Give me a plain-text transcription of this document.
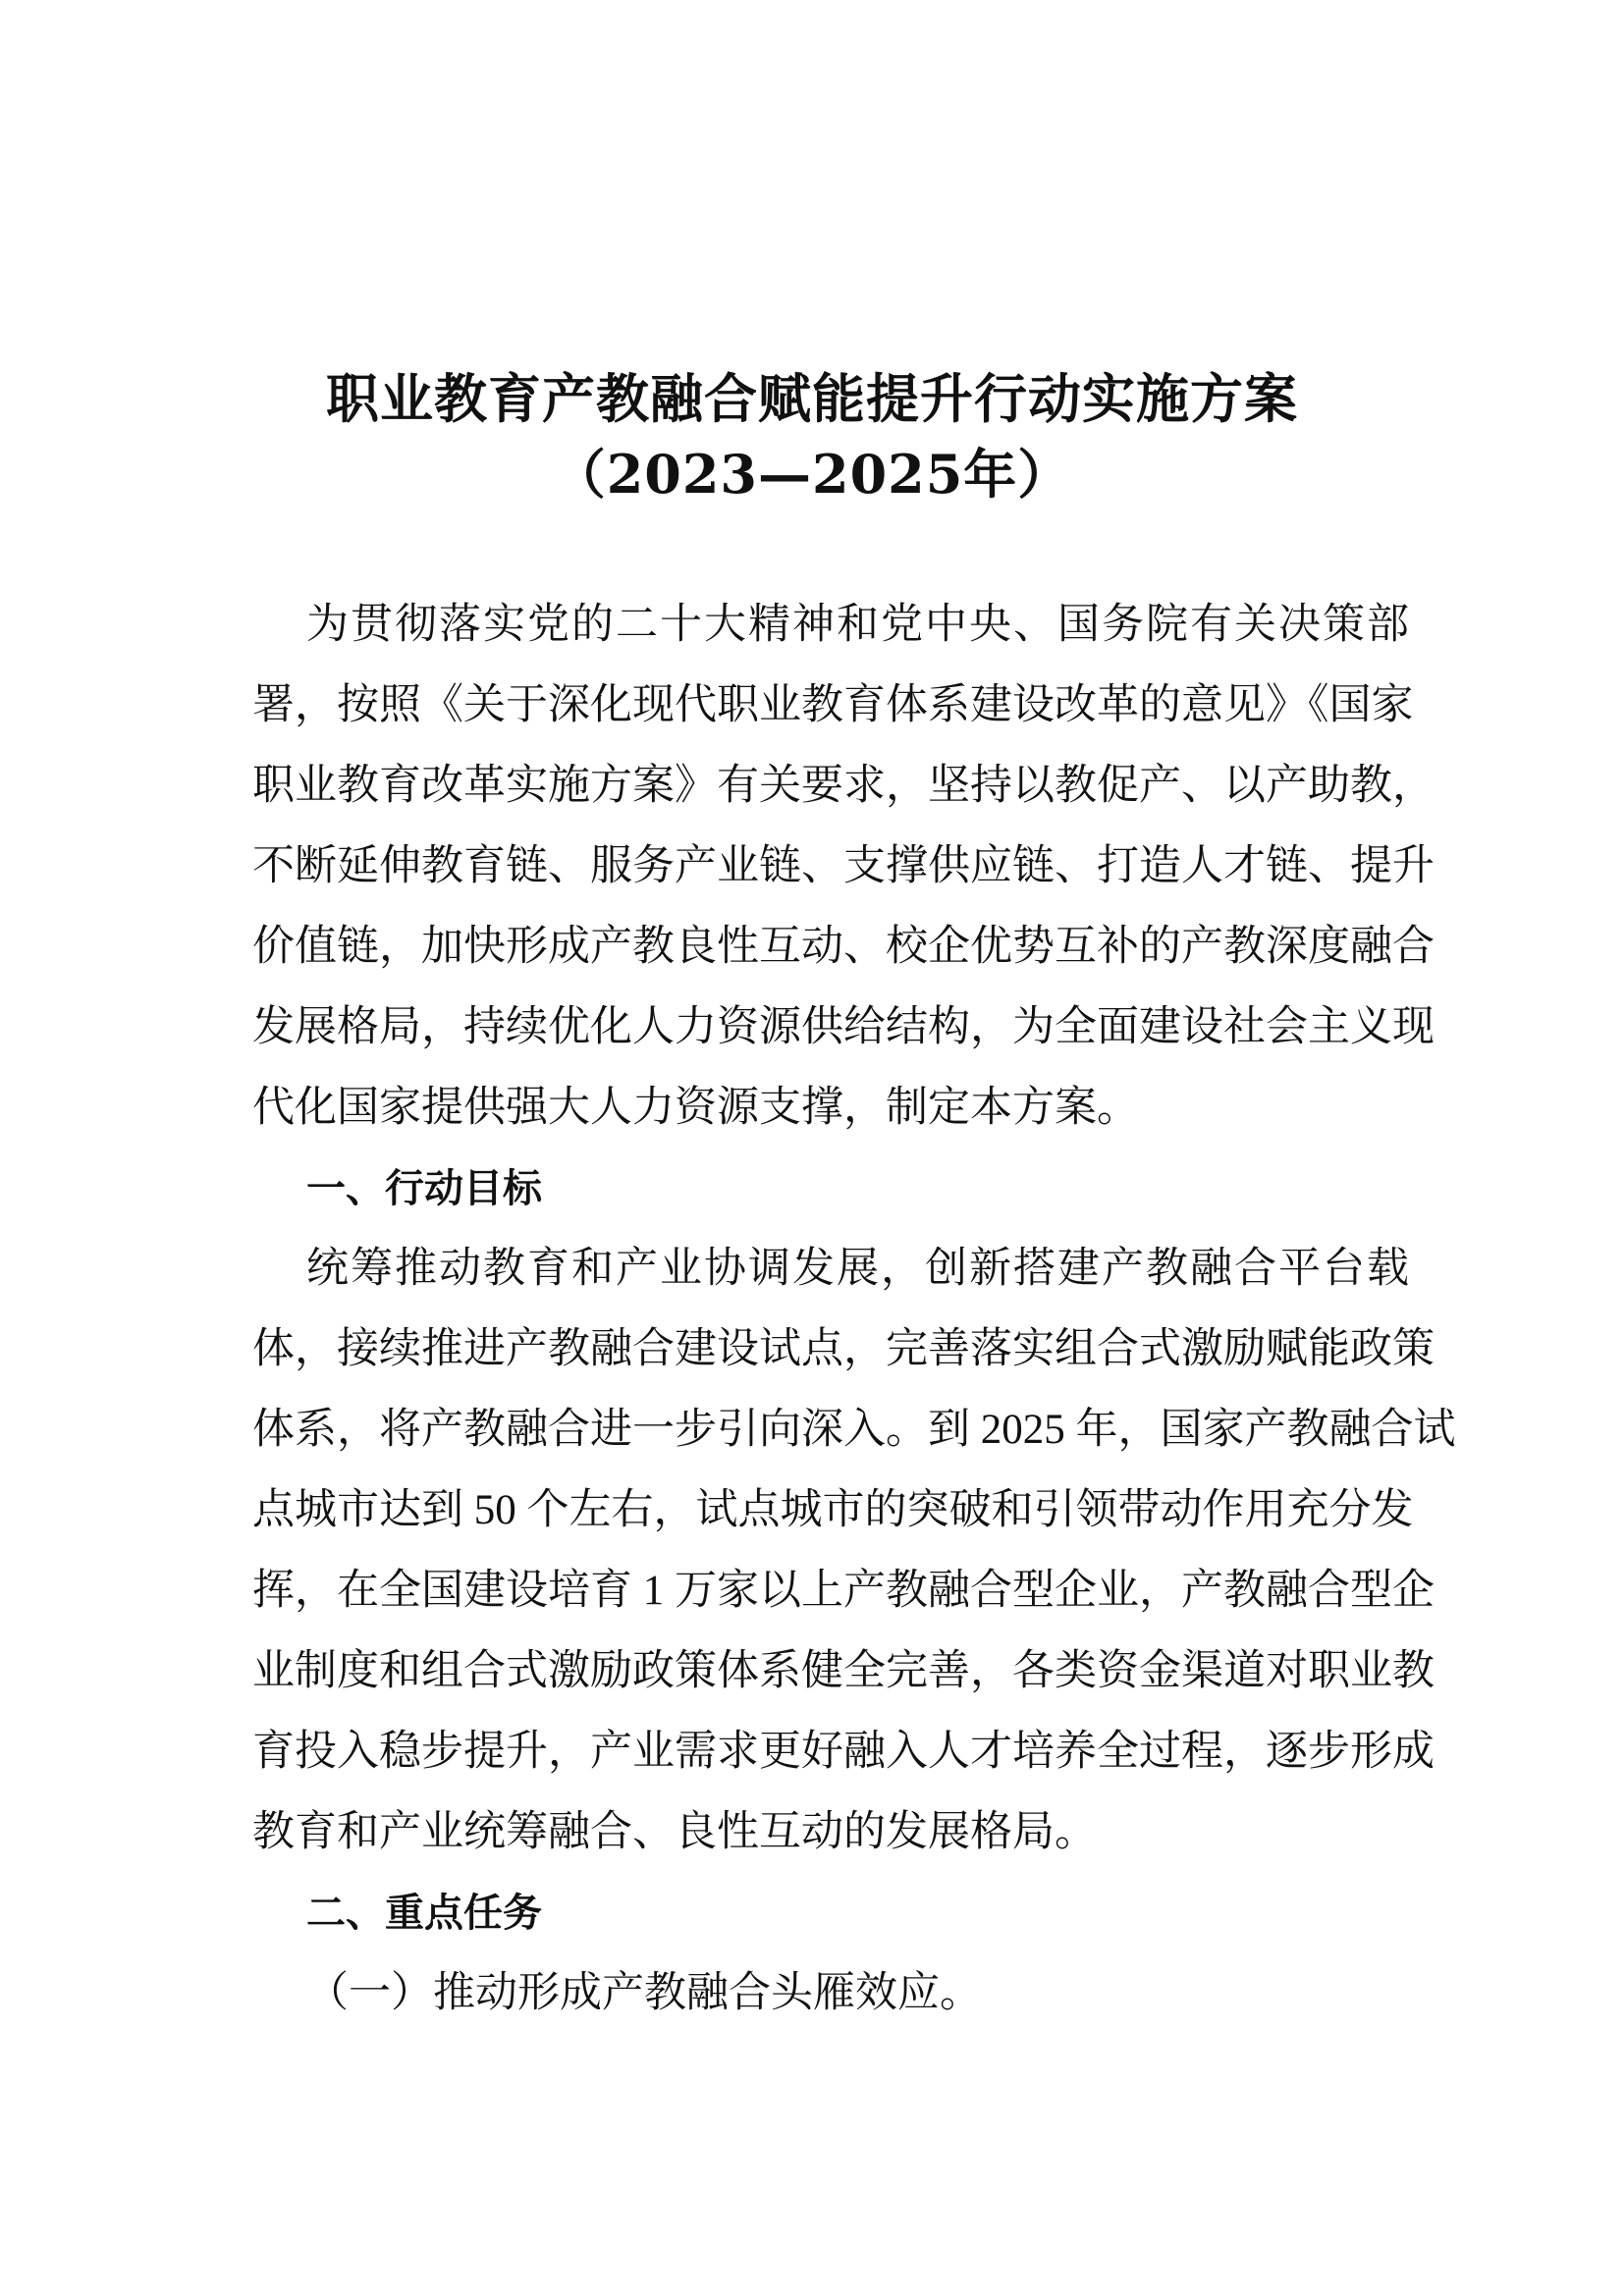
职业教育产教融合赋能提升行动实施方案
（2023—2025年）
为贯彻落实党的二十大精神和党中央、国务院有关决策部
署，按照《关于深化现代职业教育体系建设改革的意见》《国家
职业教育改革实施方案》有关要求，坚持以教促产、以产助教，
不断延伸教育链、服务产业链、支撑供应链、打造人才链、提升
价值链，加快形成产教良性互动、校企优势互补的产教深度融合
发展格局，持续优化人力资源供给结构，为全面建设社会主义现
代化国家提供强大人力资源支撑，制定本方案。
一、行动目标
统筹推动教育和产业协调发展，创新搭建产教融合平台载
体，接续推进产教融合建设试点，完善落实组合式激励赋能政策
体系，将产教融合进一步引向深入。到 2025 年，国家产教融合试
点城市达到 50 个左右，试点城市的突破和引领带动作用充分发
挥，在全国建设培育 1 万家以上产教融合型企业，产教融合型企
业制度和组合式激励政策体系健全完善，各类资金渠道对职业教
育投入稳步提升，产业需求更好融入人才培养全过程，逐步形成
教育和产业统筹融合、良性互动的发展格局。
二、重点任务
（一）推动形成产教融合头雁效应。
